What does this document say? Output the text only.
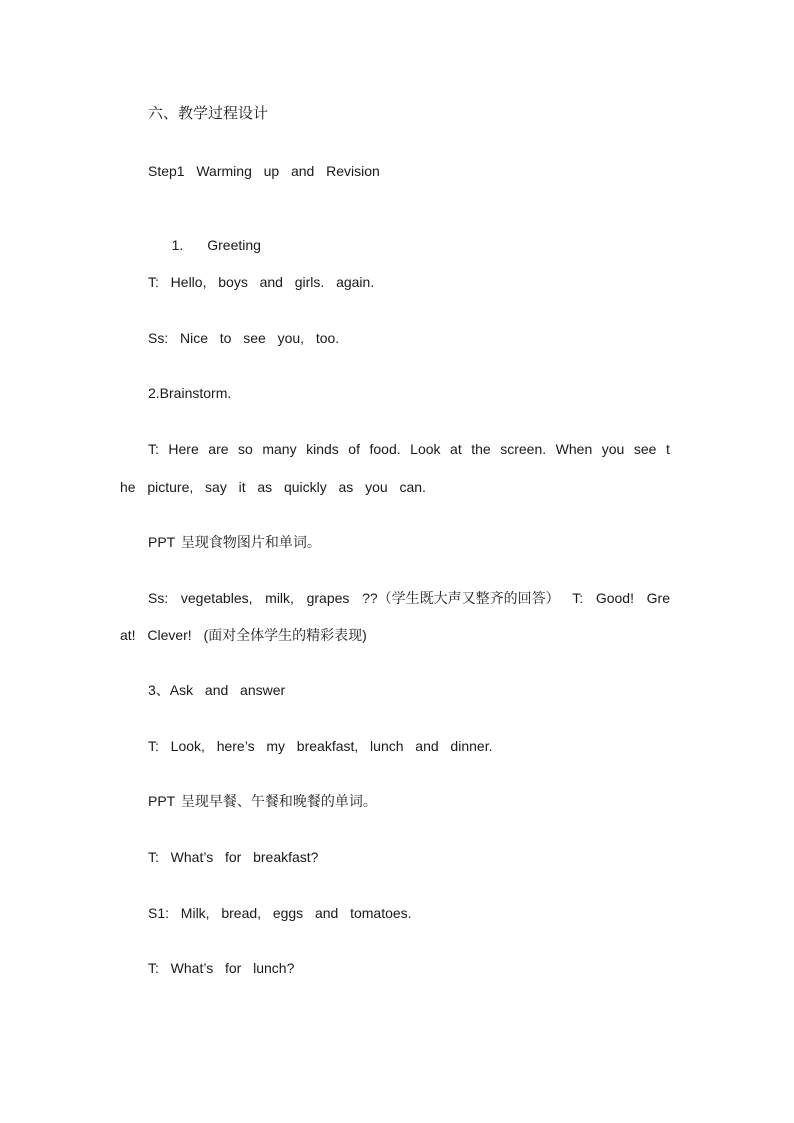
六、教学过程设计
Step1  Warming  up  and  Revision

1. Greeting

T:  Hello,  boys  and  girls.  again.
Ss:  Nice  to  see  you,  too.
2.Brainstorm.
T: Here are so many kinds of food. Look at the screen. When you see t
he  picture,  say  it  as  quickly  as  you  can.
PPT 呈现食物图片和单词。
Ss: vegetables, milk, grapes ??（学生既大声又整齐的回答） T: Good! Gre
at!  Clever!  (面对全体学生的精彩表现)
3、Ask  and  answer
T:  Look,  here’s  my  breakfast,  lunch  and  dinner.
PPT 呈现早餐、午餐和晚餐的单词。
T:  What’s  for  breakfast?
S1:  Milk,  bread,  eggs  and  tomatoes.
T:  What’s  for  lunch?
